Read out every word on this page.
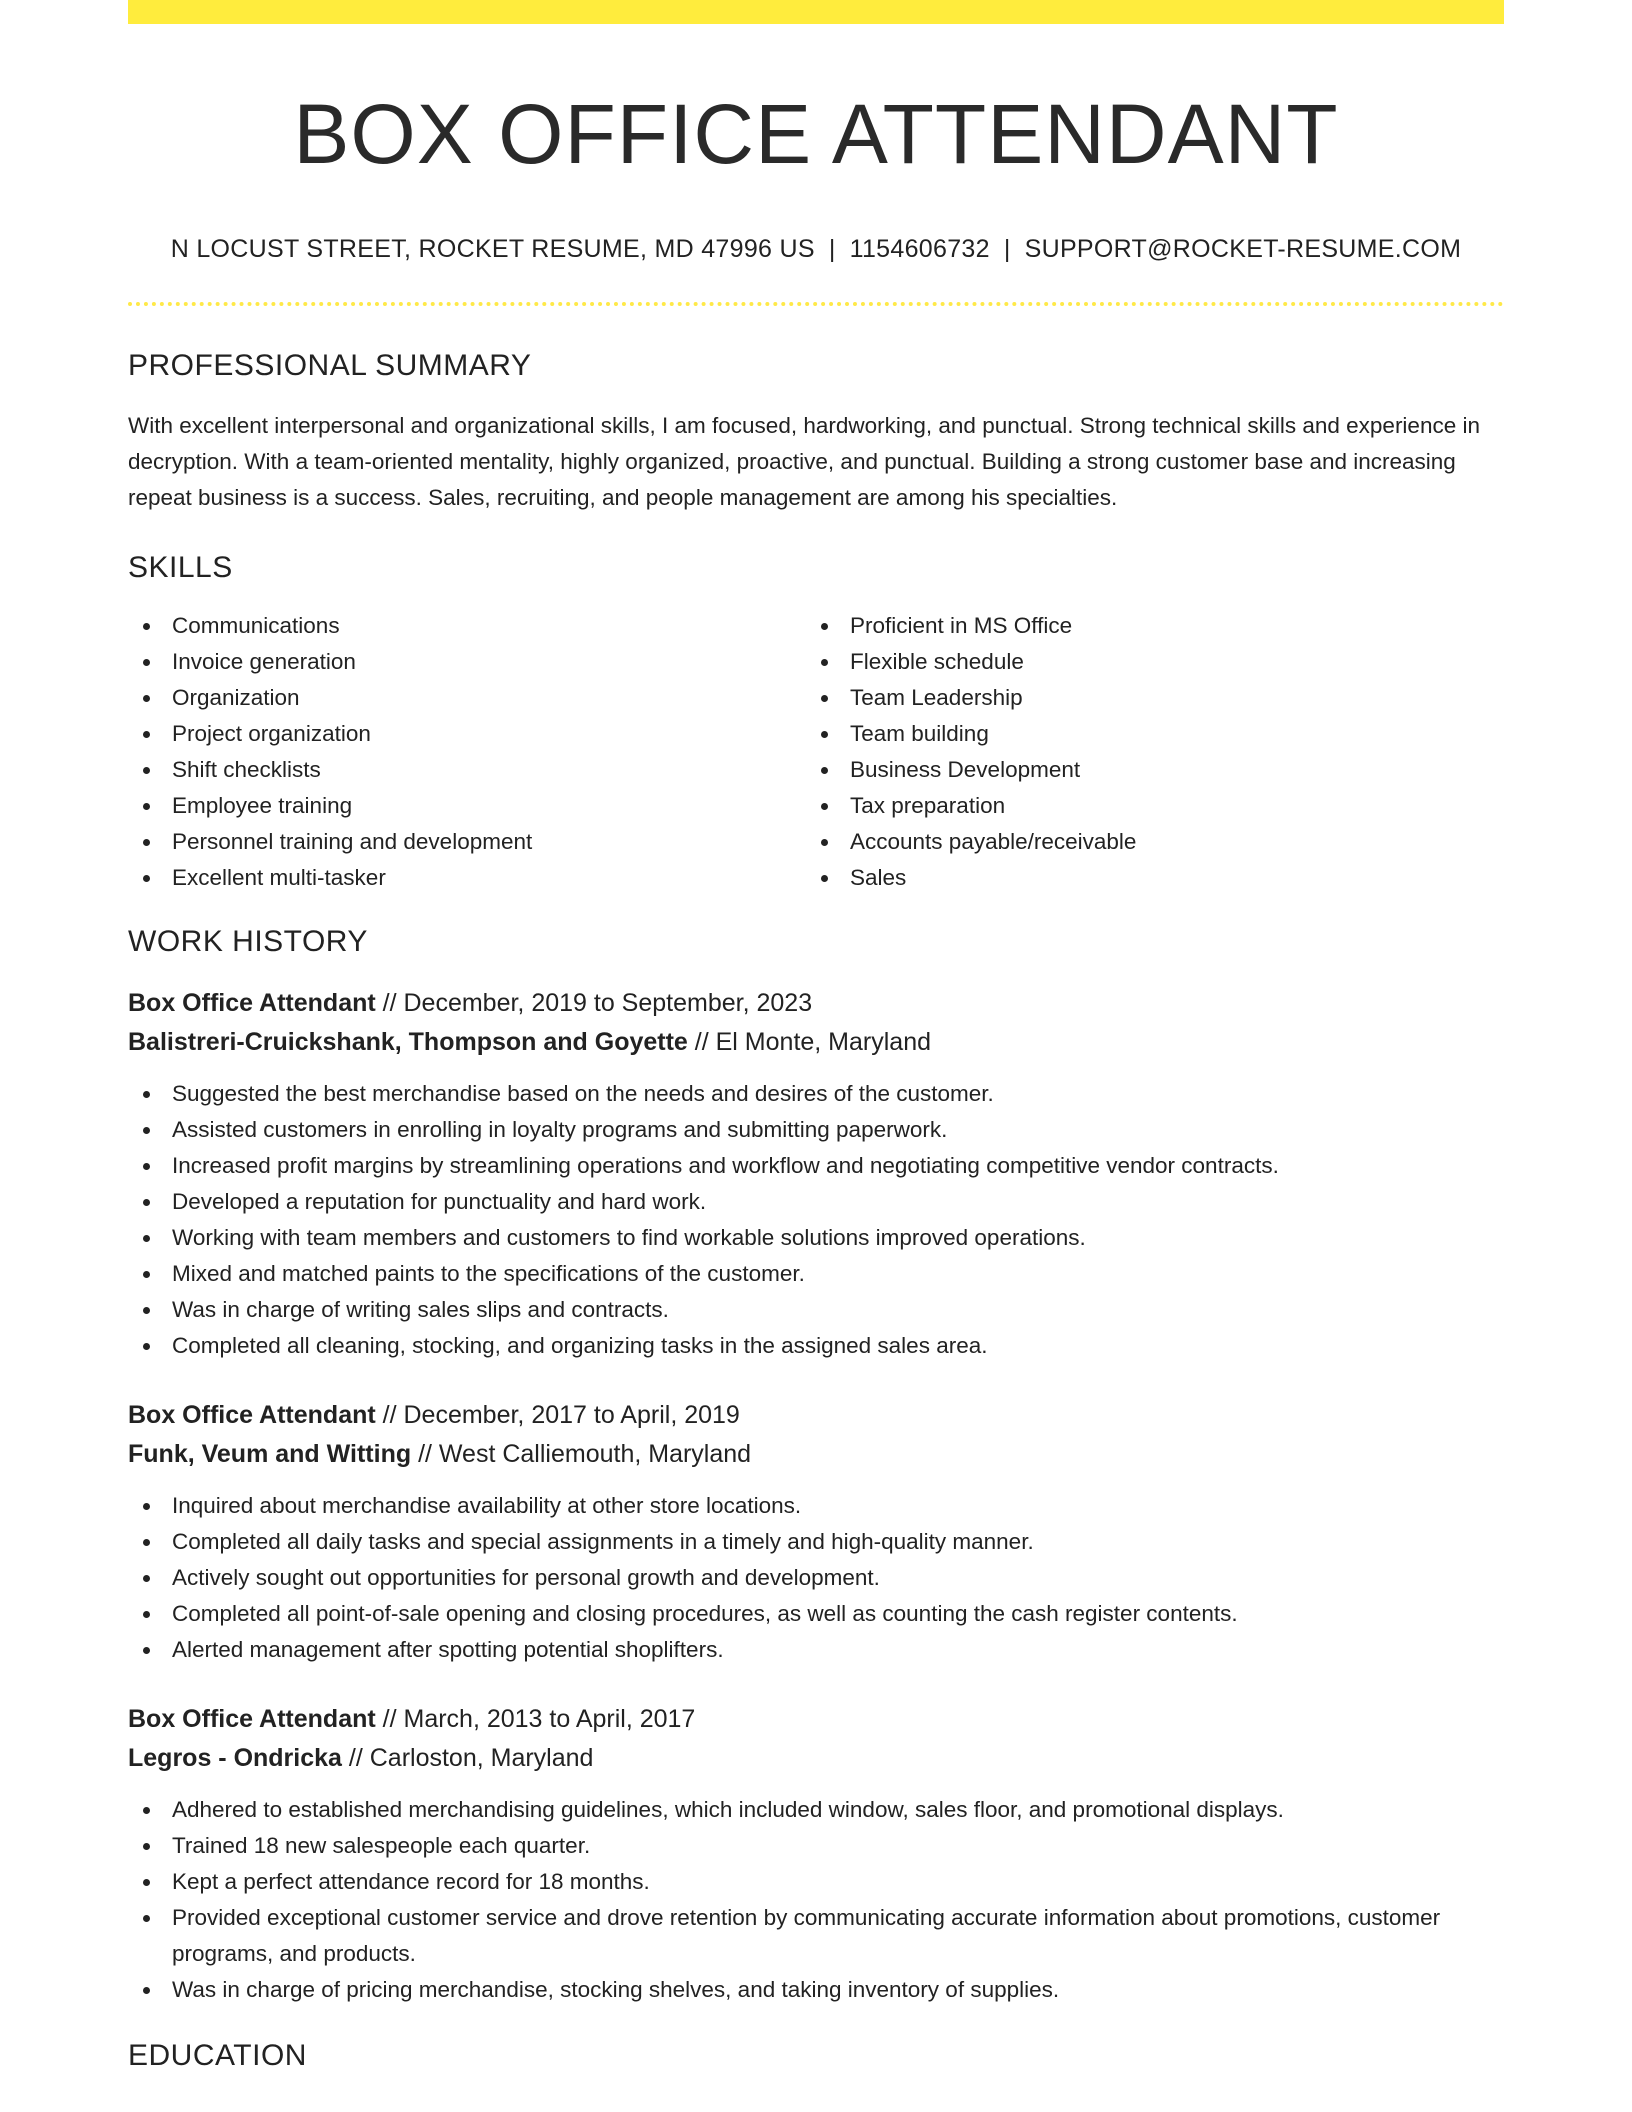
BOX OFFICE ATTENDANT
N LOCUST STREET, ROCKET RESUME, MD 47996 US | 1154606732 | SUPPORT@ROCKET-RESUME.COM
PROFESSIONAL SUMMARY

With excellent interpersonal and organizational skills, I am focused, hardworking, and punctual. Strong technical skills and experience in decryption. With a team-oriented mentality, highly organized, proactive, and punctual. Building a strong customer base and increasing repeat business is a success. Sales, recruiting, and people management are among his specialties.

SKILLS
Communications
Invoice generation
Organization
Project organization
Shift checklists
Employee training
Personnel training and development
Excellent multi-tasker
Proficient in MS Office
Flexible schedule
Team Leadership
Team building
Business Development
Tax preparation
Accounts payable/receivable
Sales
WORK HISTORY
Box Office Attendant // December, 2019 to September, 2023
Balistreri-Cruickshank, Thompson and Goyette // El Monte, Maryland
Suggested the best merchandise based on the needs and desires of the customer.
Assisted customers in enrolling in loyalty programs and submitting paperwork.
Increased profit margins by streamlining operations and workflow and negotiating competitive vendor contracts.
Developed a reputation for punctuality and hard work.
Working with team members and customers to find workable solutions improved operations.
Mixed and matched paints to the specifications of the customer.
Was in charge of writing sales slips and contracts.
Completed all cleaning, stocking, and organizing tasks in the assigned sales area.
Box Office Attendant // December, 2017 to April, 2019
Funk, Veum and Witting // West Calliemouth, Maryland
Inquired about merchandise availability at other store locations.
Completed all daily tasks and special assignments in a timely and high-quality manner.
Actively sought out opportunities for personal growth and development.
Completed all point-of-sale opening and closing procedures, as well as counting the cash register contents.
Alerted management after spotting potential shoplifters.
Box Office Attendant // March, 2013 to April, 2017
Legros - Ondricka // Carloston, Maryland
Adhered to established merchandising guidelines, which included window, sales floor, and promotional displays.
Trained 18 new salespeople each quarter.
Kept a perfect attendance record for 18 months.
Provided exceptional customer service and drove retention by communicating accurate information about promotions, customer programs, and products.
Was in charge of pricing merchandise, stocking shelves, and taking inventory of supplies.
EDUCATION
